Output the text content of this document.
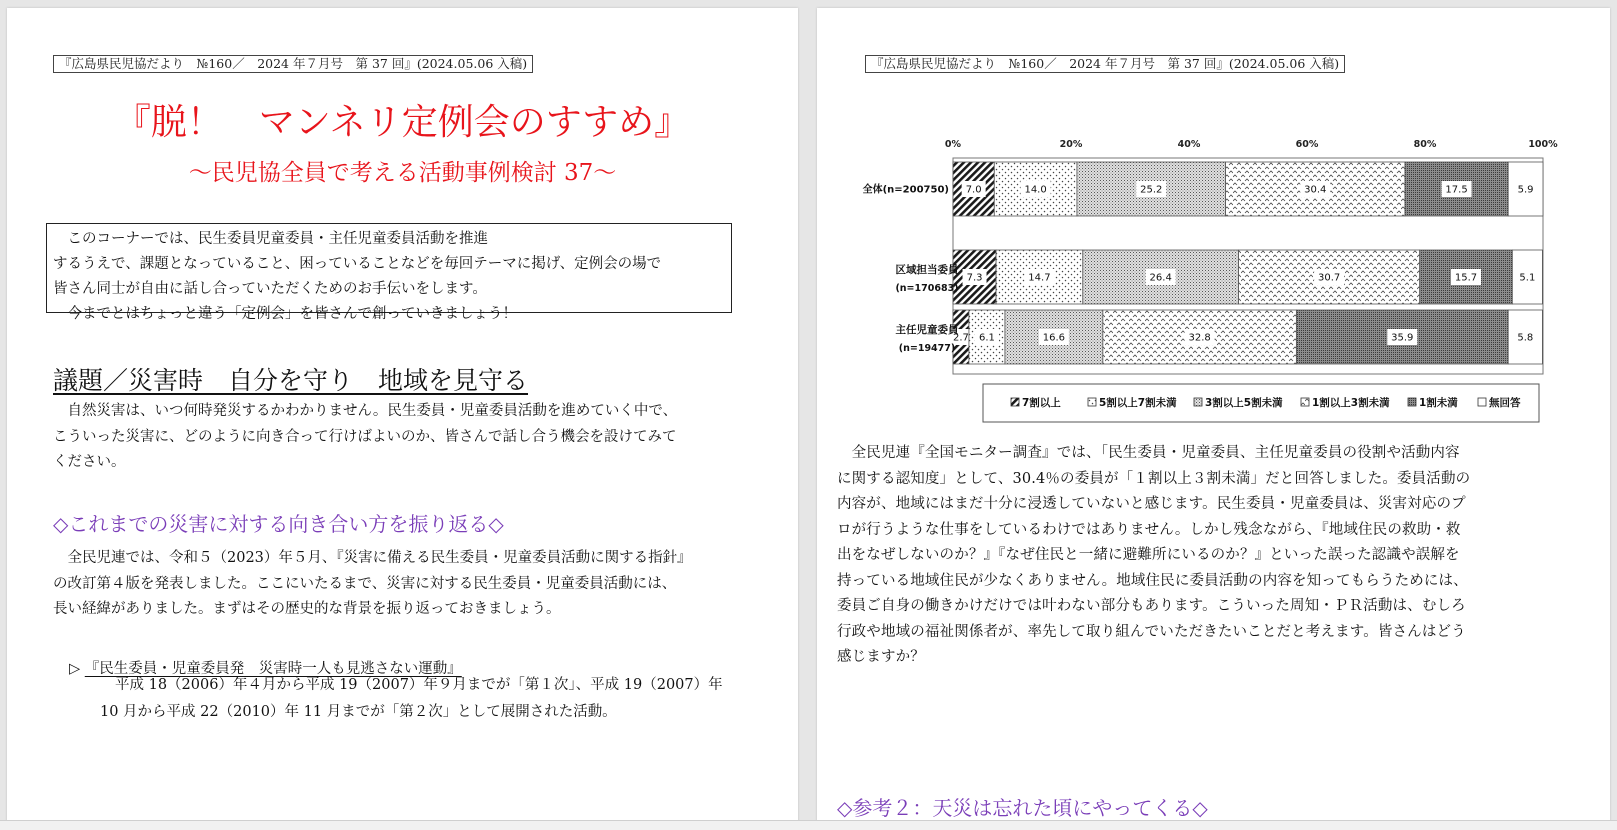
『広島県民児協だより　№160／　2024 年７月号　第 37 回』(2024.05.06 入稿)
『脱！　マンネリ定例会のすすめ』
～民児協全員で考える活動事例検討 37～
　このコーナーでは、民生委員児童委員・主任児童委員活動を推進
するうえで、課題となっていること、困っていることなどを毎回テーマに掲げ、定例会の場で
皆さん同士が自由に話し合っていただくためのお手伝いをします。
　今までとはちょっと違う「定例会」を皆さんで創っていきましょう！
議題／災害時　自分を守り　地域を見守る
　自然災害は、いつ何時発災するかわかりません。民生委員・児童委員活動を進めていく中で、
こういった災害に、どのように向き合って行けばよいのか、皆さんで話し合う機会を設けてみて
ください。
◇これまでの災害に対する向き合い方を振り返る◇
　全民児連では、令和５（2023）年５月、『災害に備える民生委員・児童委員活動に関する指針』
の改訂第４版を発表しました。ここにいたるまで、災害に対する民生委員・児童委員活動には、
長い経緯がありました。まずはその歴史的な背景を振り返っておきましょう。
▷ 『民生委員・児童委員発　災害時一人も見逃さない運動』
平成 18（2006）年４月から平成 19（2007）年９月までが「第１次」、平成 19（2007）年
10 月から平成 22（2010）年 11 月までが「第２次」として展開された活動。
『広島県民児協だより　№160／　2024 年７月号　第 37 回』(2024.05.06 入稿)
0%	20%	40%	60%	80%	100%
7.0	14.0	25.2	30.4	17.5	5.9
全体(n=200750)
7.3	14.7	26.4	30.7	15.7	5.1
区域担当委員
(n=170683)
2.7 6.1	16.6	32.8	35.9	5.8
主任児童委員
(n=19477)
7割以上	5割以上7割未満	3割以上5割未満	1割以上3割未満	1割未満	無回答
　全民児連『全国モニター調査』では、「民生委員・児童委員、主任児童委員の役割や活動内容
に関する認知度」として、30.4％の委員が「１割以上３割未満」だと回答しました。委員活動の
内容が、地域にはまだ十分に浸透していないと感じます。民生委員・児童委員は、災害対応のプ
ロが行うような仕事をしているわけではありません。しかし残念ながら、『地域住民の救助・救
出をなぜしないのか？』『なぜ住民と一緒に避難所にいるのか？』といった誤った認識や誤解を
持っている地域住民が少なくありません。地域住民に委員活動の内容を知ってもらうためには、
委員ご自身の働きかけだけでは叶わない部分もあります。こういった周知・ＰＲ活動は、むしろ
行政や地域の福祉関係者が、率先して取り組んでいただきたいことだと考えます。皆さんはどう
感じますか？
◇参考２：天災は忘れた頃にやってくる◇
